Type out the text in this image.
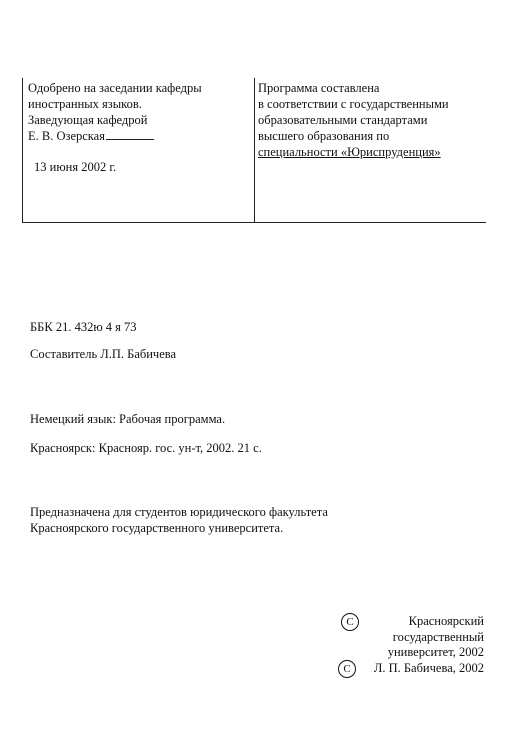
Одобрено на заседании кафедры
иностранных языков.
Заведующая кафедрой
Е. В. Озерская
13 июня 2002 г.
Программа составлена
в соответствии с государственными
образовательными стандартами
высшего образования по
специальности «Юриспруденция»
ББК 21. 432ю 4 я 73
Составитель Л.П. Бабичева
Немецкий язык: Рабочая программа.
Красноярск: Краснояр. гос. ун-т, 2002. 21 с.
Предназначена для студентов юридического факультета
Красноярского государственного университета.
C	Красноярский
государственный
университет, 2002
C	Л. П. Бабичева, 2002
